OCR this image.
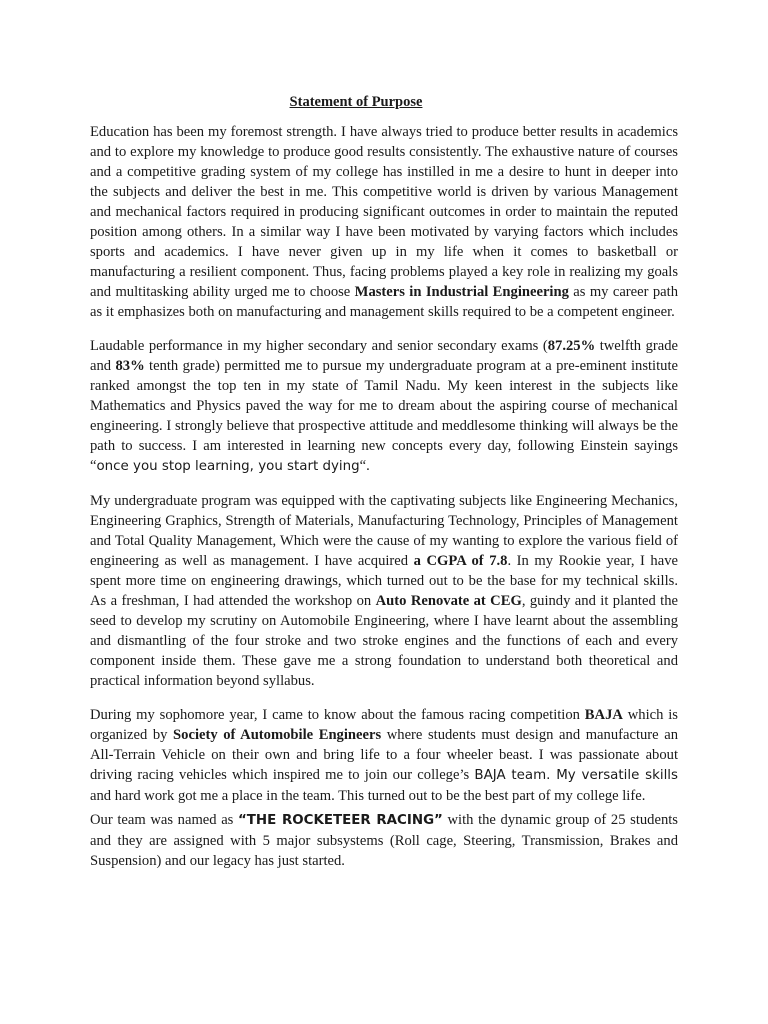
Statement of Purpose

Education has been my foremost strength. I have always tried to produce better results in academics and to explore my knowledge to produce good results consistently. The exhaustive nature of courses and a competitive grading system of my college has instilled in me a desire to hunt in deeper into the subjects and deliver the best in me. This competitive world is driven by various Management and mechanical factors required in producing significant outcomes in order to maintain the reputed position among others. In a similar way I have been motivated by varying factors which includes sports and academics. I have never given up in my life when it comes to basketball or manufacturing a resilient component. Thus, facing problems played a key role in realizing my goals and multitasking ability urged me to choose Masters in Industrial Engineering as my career path as it emphasizes both on manufacturing and management skills required to be a competent engineer.

Laudable performance in my higher secondary and senior secondary exams (87.25% twelfth grade and 83% tenth grade) permitted me to pursue my undergraduate program at a pre-eminent institute ranked amongst the top ten in my state of Tamil Nadu. My keen interest in the subjects like Mathematics and Physics paved the way for me to dream about the aspiring course of mechanical engineering. I strongly believe that prospective attitude and meddlesome thinking will always be the path to success. I am interested in learning new concepts every day, following Einstein sayings “once you stop learning, you start dying“.

My undergraduate program was equipped with the captivating subjects like Engineering Mechanics, Engineering Graphics, Strength of Materials, Manufacturing Technology, Principles of Management and Total Quality Management, Which were the cause of my wanting to explore the various field of engineering as well as management. I have acquired a CGPA of 7.8. In my Rookie year, I have spent more time on engineering drawings, which turned out to be the base for my technical skills. As a freshman, I had attended the workshop on Auto Renovate at CEG, guindy and it planted the seed to develop my scrutiny on Automobile Engineering, where I have learnt about the assembling and dismantling of the four stroke and two stroke engines and the functions of each and every component inside them. These gave me a strong foundation to understand both theoretical and practical information beyond syllabus.

During my sophomore year, I came to know about the famous racing competition BAJA which is organized by Society of Automobile Engineers where students must design and manufacture an All-Terrain Vehicle on their own and bring life to a four wheeler beast. I was passionate about driving racing vehicles which inspired me to join our college’s BAJA team. My versatile skills and hard work got me a place in the team. This turned out to be the best part of my college life.

Our team was named as “THE ROCKETEER RACING” with the dynamic group of 25 students and they are assigned with 5 major subsystems (Roll cage, Steering, Transmission, Brakes and Suspension) and our legacy has just started.
